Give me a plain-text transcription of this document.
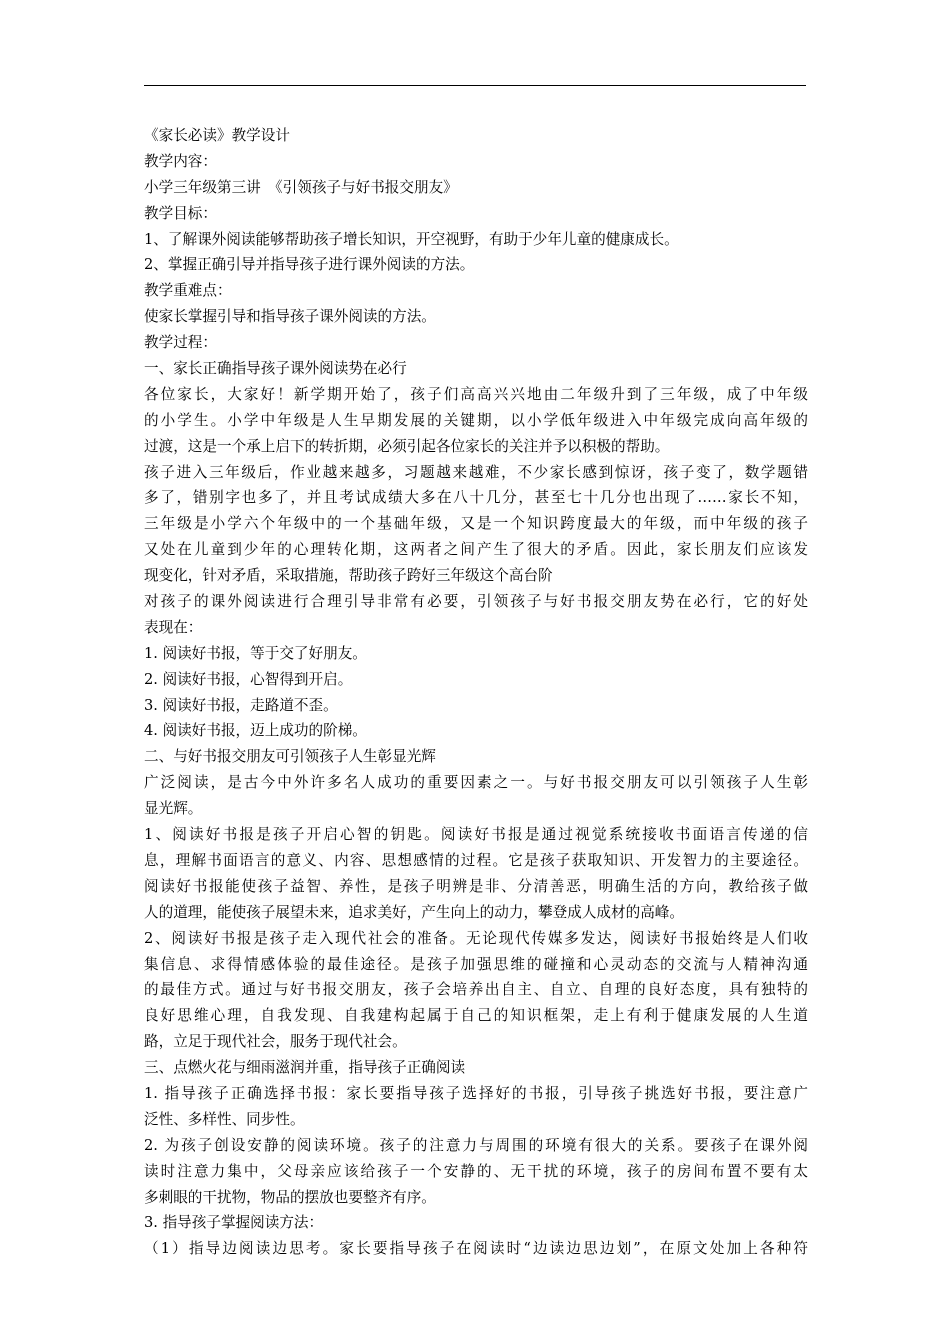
《家长必读》教学设计
教学内容：
小学三年级第三讲　《引领孩子与好书报交朋友》
教学目标：
1、了解课外阅读能够帮助孩子增长知识，开空视野，有助于少年儿童的健康成长。
2、掌握正确引导并指导孩子进行课外阅读的方法。
教学重难点：
使家长掌握引导和指导孩子课外阅读的方法。
教学过程：
一、家长正确指导孩子课外阅读势在必行
各位家长，大家好！新学期开始了，孩子们高高兴兴地由二年级升到了三年级，成了中年级
的小学生。小学中年级是人生早期发展的关键期，以小学低年级进入中年级完成向高年级的
过渡，这是一个承上启下的转折期，必须引起各位家长的关注并予以积极的帮助。
孩子进入三年级后，作业越来越多，习题越来越难，不少家长感到惊讶，孩子变了，数学题错
多了，错别字也多了，并且考试成绩大多在八十几分，甚至七十几分也出现了……家长不知，
三年级是小学六个年级中的一个基础年级，又是一个知识跨度最大的年级，而中年级的孩子
又处在儿童到少年的心理转化期，这两者之间产生了很大的矛盾。因此，家长朋友们应该发
现变化，针对矛盾，采取措施，帮助孩子跨好三年级这个高台阶
对孩子的课外阅读进行合理引导非常有必要，引领孩子与好书报交朋友势在必行，它的好处
表现在：
1. 阅读好书报，等于交了好朋友。
2. 阅读好书报，心智得到开启。
3. 阅读好书报，走路道不歪。
4. 阅读好书报，迈上成功的阶梯。
二、与好书报交朋友可引领孩子人生彰显光辉
广泛阅读，是古今中外许多名人成功的重要因素之一。与好书报交朋友可以引领孩子人生彰
显光辉。
1、阅读好书报是孩子开启心智的钥匙。阅读好书报是通过视觉系统接收书面语言传递的信
息，理解书面语言的意义、内容、思想感情的过程。它是孩子获取知识、开发智力的主要途径。
阅读好书报能使孩子益智、养性，是孩子明辨是非、分清善恶，明确生活的方向，教给孩子做
人的道理，能使孩子展望未来，追求美好，产生向上的动力，攀登成人成材的高峰。
2、阅读好书报是孩子走入现代社会的准备。无论现代传媒多发达，阅读好书报始终是人们收
集信息、求得情感体验的最佳途径。是孩子加强思维的碰撞和心灵动态的交流与人精神沟通
的最佳方式。通过与好书报交朋友，孩子会培养出自主、自立、自理的良好态度，具有独特的
良好思维心理，自我发现、自我建构起属于自己的知识框架，走上有利于健康发展的人生道
路，立足于现代社会，服务于现代社会。
三、点燃火花与细雨滋润并重，指导孩子正确阅读
1. 指导孩子正确选择书报：家长要指导孩子选择好的书报，引导孩子挑选好书报，要注意广
泛性、多样性、同步性。
2. 为孩子创设安静的阅读环境。孩子的注意力与周围的环境有很大的关系。要孩子在课外阅
读时注意力集中，父母亲应该给孩子一个安静的、无干扰的环境，孩子的房间布置不要有太
多刺眼的干扰物，物品的摆放也要整齐有序。
3. 指导孩子掌握阅读方法：
（1）指导边阅读边思考。家长要指导孩子在阅读时“边读边思边划”，在原文处加上各种符
